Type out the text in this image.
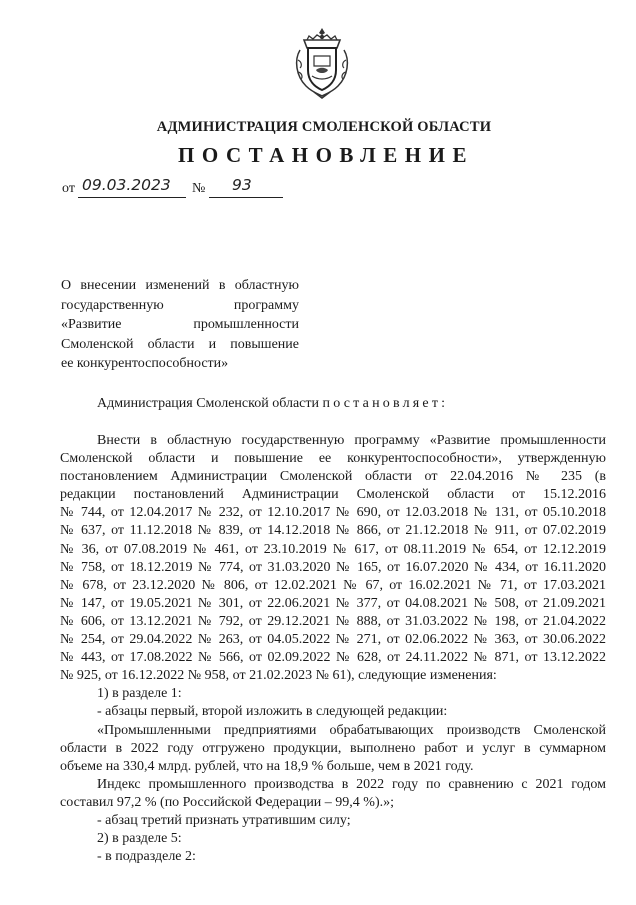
АДМИНИСТРАЦИЯ СМОЛЕНСКОЙ ОБЛАСТИ
ПОСТАНОВЛЕНИЕ
от 09.03.2023 № 93
О внесении изменений в областную
государственную программу
«Развитие промышленности
Смоленской области и повышение
ее конкурентоспособности»
Администрация Смоленской области постановляет:
Внести в областную государственную программу «Развитие промышленности
Смоленской области и повышение ее конкурентоспособности», утвержденную
постановлением Администрации Смоленской области от 22.04.2016 № 235 (в
редакции постановлений Администрации Смоленской области от 15.12.2016
№ 744, от 12.04.2017 № 232, от 12.10.2017 № 690, от 12.03.2018 № 131, от 05.10.2018
№ 637, от 11.12.2018 № 839, от 14.12.2018 № 866, от 21.12.2018 № 911, от 07.02.2019
№ 36, от 07.08.2019 № 461, от 23.10.2019 № 617, от 08.11.2019 № 654, от 12.12.2019
№ 758, от 18.12.2019 № 774, от 31.03.2020 № 165, от 16.07.2020 № 434, от 16.11.2020
№ 678, от 23.12.2020 № 806, от 12.02.2021 № 67, от 16.02.2021 № 71, от 17.03.2021
№ 147, от 19.05.2021 № 301, от 22.06.2021 № 377, от 04.08.2021 № 508, от 21.09.2021
№ 606, от 13.12.2021 № 792, от 29.12.2021 № 888, от 31.03.2022 № 198, от 21.04.2022
№ 254, от 29.04.2022 № 263, от 04.05.2022 № 271, от 02.06.2022 № 363, от 30.06.2022
№ 443, от 17.08.2022 № 566, от 02.09.2022 № 628, от 24.11.2022 № 871, от 13.12.2022
№ 925, от 16.12.2022 № 958, от 21.02.2023 № 61), следующие изменения:
1) в разделе 1:
- абзацы первый, второй изложить в следующей редакции:
«Промышленными предприятиями обрабатывающих производств Смоленской
области в 2022 году отгружено продукции, выполнено работ и услуг в суммарном
объеме на 330,4 млрд. рублей, что на 18,9 % больше, чем в 2021 году.
Индекс промышленного производства в 2022 году по сравнению с 2021 годом
составил 97,2 % (по Российской Федерации – 99,4 %).»;
- абзац третий признать утратившим силу;
2) в разделе 5:
- в подразделе 2:
